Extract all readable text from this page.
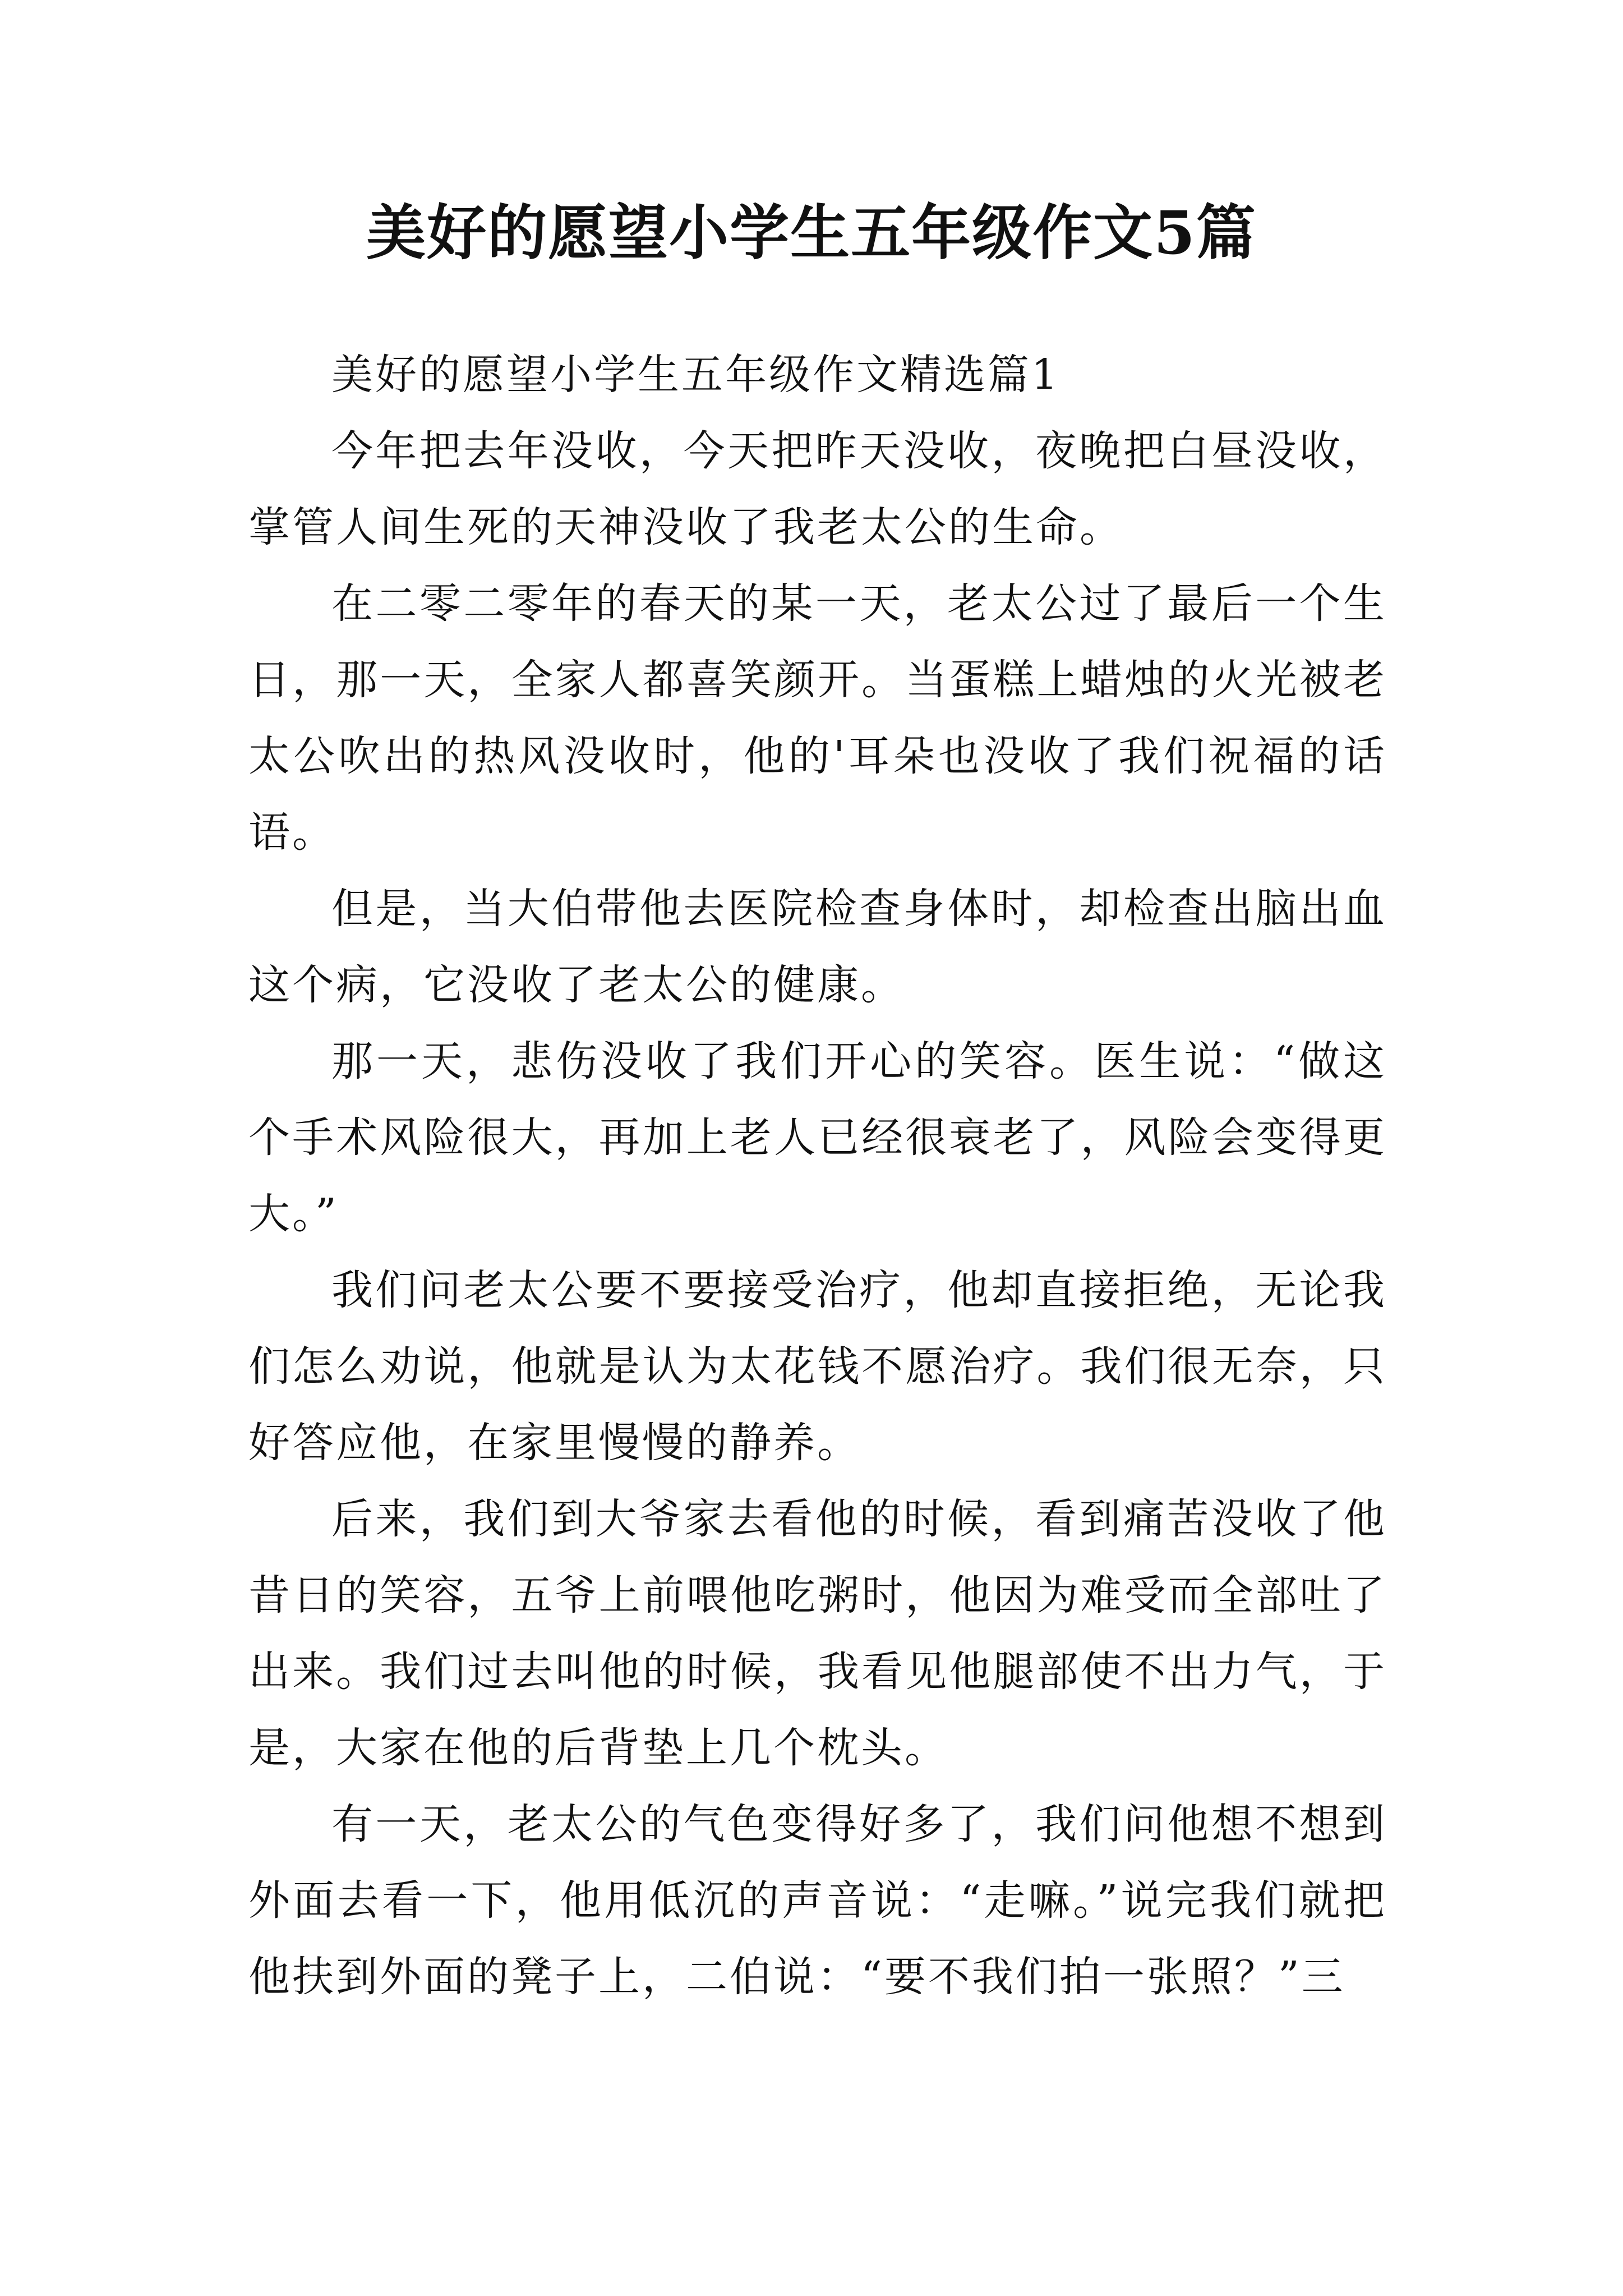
美好的愿望小学生五年级作文5篇

美好的愿望小学生五年级作文精选篇1

今年把去年没收，今天把昨天没收，夜晚把白昼没收，掌管人间生死的天神没收了我老太公的生命。

在二零二零年的春天的某一天，老太公过了最后一个生日，那一天，全家人都喜笑颜开。当蛋糕上蜡烛的火光被老太公吹出的热风没收时，他的'耳朵也没收了我们祝福的话语。

但是，当大伯带他去医院检查身体时，却检查出脑出血这个病，它没收了老太公的健康。

那一天，悲伤没收了我们开心的笑容。医生说：“做这个手术风险很大，再加上老人已经很衰老了，风险会变得更大。”

我们问老太公要不要接受治疗，他却直接拒绝，无论我们怎么劝说，他就是认为太花钱不愿治疗。我们很无奈，只好答应他，在家里慢慢的静养。

后来，我们到大爷家去看他的时候，看到痛苦没收了他昔日的笑容，五爷上前喂他吃粥时，他因为难受而全部吐了出来。我们过去叫他的时候，我看见他腿部使不出力气，于是，大家在他的后背垫上几个枕头。

有一天，老太公的气色变得好多了，我们问他想不想到外面去看一下，他用低沉的声音说：“走嘛。”说完我们就把他扶到外面的凳子上，二伯说：“要不我们拍一张照？”三
